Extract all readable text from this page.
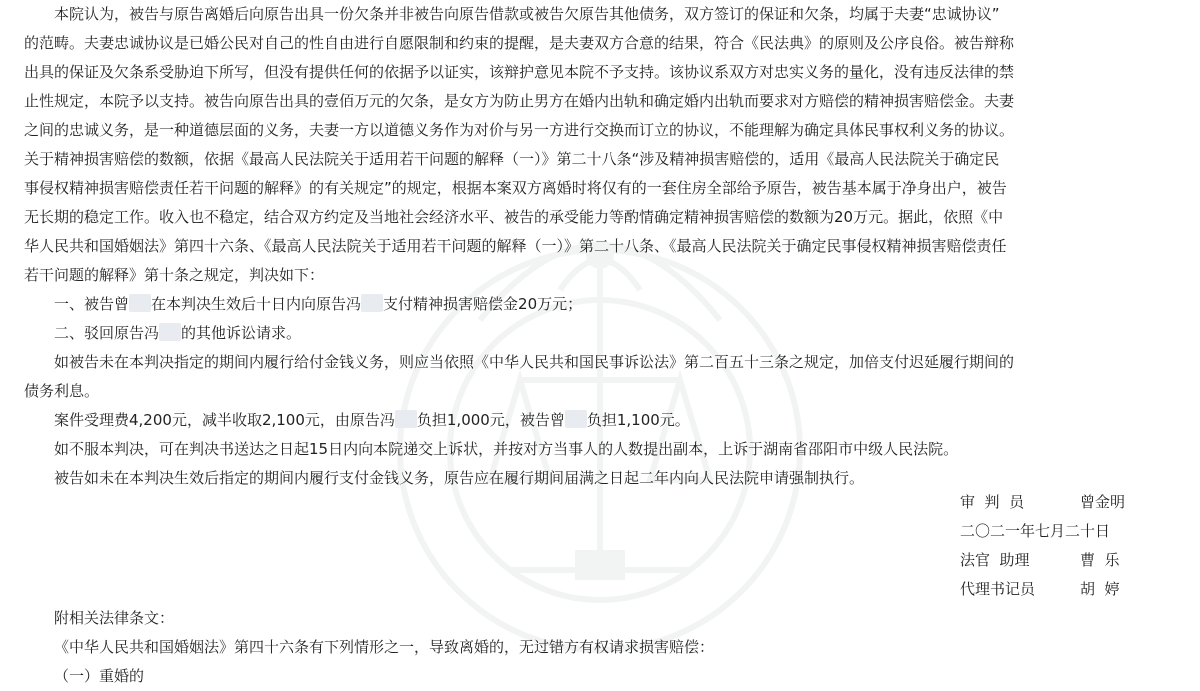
本院认为，被告与原告离婚后向原告出具一份欠条并非被告向原告借款或被告欠原告其他债务，双方签订的保证和欠条，均属于夫妻“忠诚协议”
的范畴。夫妻忠诚协议是已婚公民对自己的性自由进行自愿限制和约束的提醒，是夫妻双方合意的结果，符合《民法典》的原则及公序良俗。被告辩称
出具的保证及欠条系受胁迫下所写，但没有提供任何的依据予以证实，该辩护意见本院不予支持。该协议系双方对忠实义务的量化，没有违反法律的禁
止性规定，本院予以支持。被告向原告出具的壹佰万元的欠条，是女方为防止男方在婚内出轨和确定婚内出轨而要求对方赔偿的精神损害赔偿金。夫妻
之间的忠诚义务，是一种道德层面的义务，夫妻一方以道德义务作为对价与另一方进行交换而订立的协议，不能理解为确定具体民事权利义务的协议。
关于精神损害赔偿的数额，依据《最高人民法院关于适用若干问题的解释（一）》第二十八条“涉及精神损害赔偿的，适用《最高人民法院关于确定民
事侵权精神损害赔偿责任若干问题的解释》的有关规定”的规定，根据本案双方离婚时将仅有的一套住房全部给予原告，被告基本属于净身出户，被告
无长期的稳定工作。收入也不稳定，结合双方约定及当地社会经济水平、被告的承受能力等酌情确定精神损害赔偿的数额为20万元。据此，依照《中
华人民共和国婚姻法》第四十六条、《最高人民法院关于适用若干问题的解释（一）》第二十八条、《最高人民法院关于确定民事侵权精神损害赔偿责任
若干问题的解释》第十条之规定，判决如下：
一、被告曾 在本判决生效后十日内向原告冯 支付精神损害赔偿金20万元；
二、驳回原告冯 的其他诉讼请求。
如被告未在本判决指定的期间内履行给付金钱义务，则应当依照《中华人民共和国民事诉讼法》第二百五十三条之规定，加倍支付迟延履行期间的
债务利息。
案件受理费4,200元，减半收取2,100元，由原告冯 负担1,000元，被告曾 负担1,100元。
如不服本判决，可在判决书送达之日起15日内向本院递交上诉状，并按对方当事人的人数提出副本，上诉于湖南省邵阳市中级人民法院。
被告如未在本判决生效后指定的期间内履行支付金钱义务，原告应在履行期间届满之日起二年内向人民法院申请强制执行。
审  判  员	曾金明
二〇二一年七月二十日
法官  助理	曹  乐
代理书记员	胡  婷
附相关法律条文：
《中华人民共和国婚姻法》第四十六条有下列情形之一，导致离婚的，无过错方有权请求损害赔偿：
（一）重婚的
